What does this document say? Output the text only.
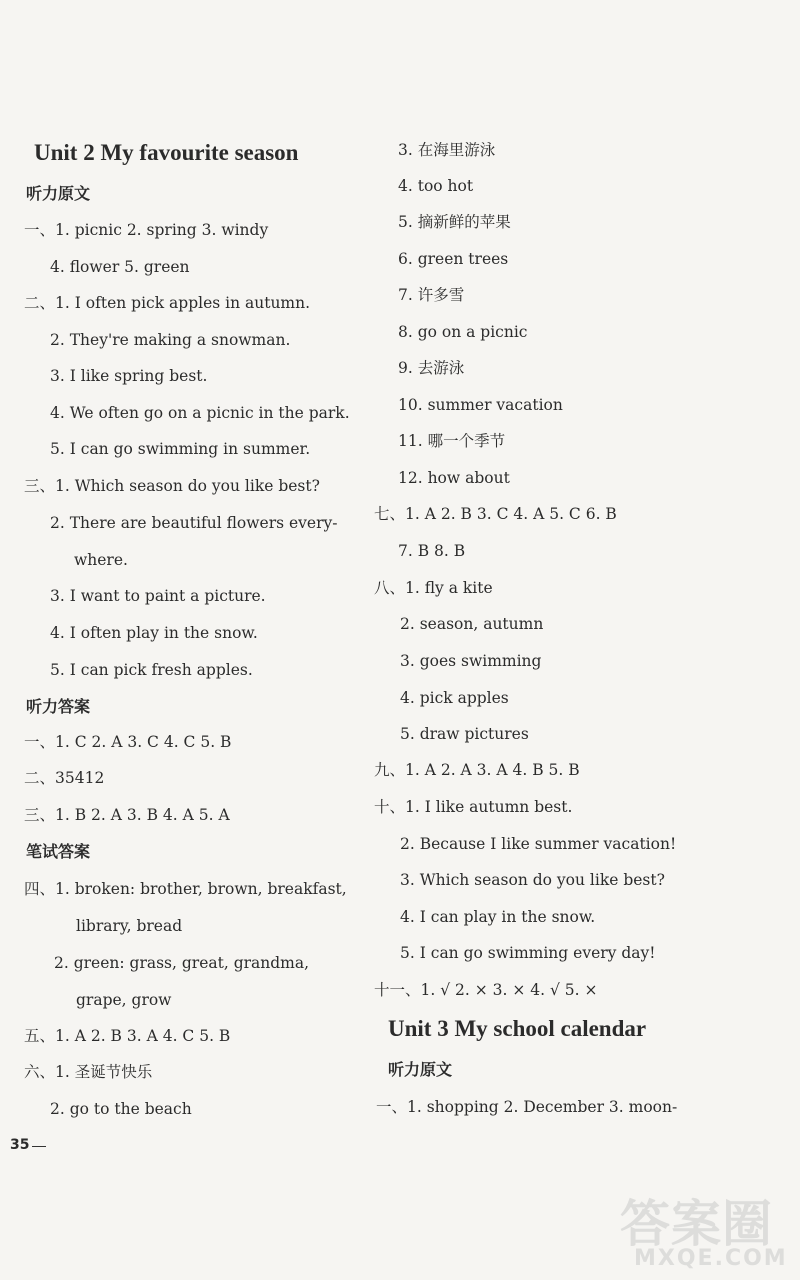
Unit 2 My favourite season
听力原文
一、1. picnic 2. spring 3. windy
4. flower 5. green
二、1. I often pick apples in autumn.
2. They're making a snowman.
3. I like spring best.
4. We often go on a picnic in the park.
5. I can go swimming in summer.
三、1. Which season do you like best?
2. There are beautiful flowers every-
where.
3. I want to paint a picture.
4. I often play in the snow.
5. I can pick fresh apples.
听力答案
一、1. C 2. A 3. C 4. C 5. B
二、35412
三、1. B 2. A 3. B 4. A 5. A
笔试答案
四、1. broken: brother, brown, breakfast,
library, bread
2. green: grass, great, grandma,
grape, grow
五、1. A 2. B 3. A 4. C 5. B
六、1. 圣诞节快乐
2. go to the beach
3. 在海里游泳
4. too hot
5. 摘新鲜的苹果
6. green trees
7. 许多雪
8. go on a picnic
9. 去游泳
10. summer vacation
11. 哪一个季节
12. how about
七、1. A 2. B 3. C 4. A 5. C 6. B
7. B 8. B
八、1. fly a kite
2. season, autumn
3. goes swimming
4. pick apples
5. draw pictures
九、1. A 2. A 3. A 4. B 5. B
十、1. I like autumn best.
2. Because I like summer vacation!
3. Which season do you like best?
4. I can play in the snow.
5. I can go swimming every day!
十一、1. √ 2. × 3. × 4. √ 5. ×
Unit 3 My school calendar
听力原文
一、1. shopping 2. December 3. moon-
35
答案圈
MXQE.COM
